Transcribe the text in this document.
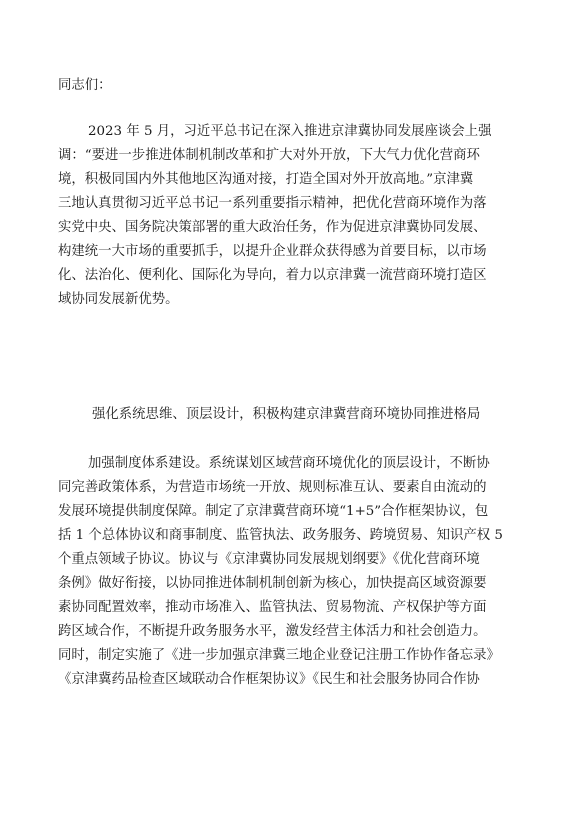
同志们：
2023 年 5 月，习近平总书记在深入推进京津冀协同发展座谈会上强
调：“要进一步推进体制机制改革和扩大对外开放，下大气力优化营商环
境，积极同国内外其他地区沟通对接，打造全国对外开放高地。”京津冀
三地认真贯彻习近平总书记一系列重要指示精神，把优化营商环境作为落
实党中央、国务院决策部署的重大政治任务，作为促进京津冀协同发展、
构建统一大市场的重要抓手，以提升企业群众获得感为首要目标，以市场
化、法治化、便利化、国际化为导向，着力以京津冀一流营商环境打造区
域协同发展新优势。
强化系统思维、顶层设计，积极构建京津冀营商环境协同推进格局
加强制度体系建设。系统谋划区域营商环境优化的顶层设计，不断协
同完善政策体系，为营造市场统一开放、规则标准互认、要素自由流动的
发展环境提供制度保障。制定了京津冀营商环境“1+5”合作框架协议，包
括 1 个总体协议和商事制度、监管执法、政务服务、跨境贸易、知识产权 5
个重点领域子协议。协议与《京津冀协同发展规划纲要》《优化营商环境
条例》做好衔接，以协同推进体制机制创新为核心，加快提高区域资源要
素协同配置效率，推动市场准入、监管执法、贸易物流、产权保护等方面
跨区域合作，不断提升政务服务水平，激发经营主体活力和社会创造力。
同时，制定实施了《进一步加强京津冀三地企业登记注册工作协作备忘录》
《京津冀药品检查区域联动合作框架协议》《民生和社会服务协同合作协
